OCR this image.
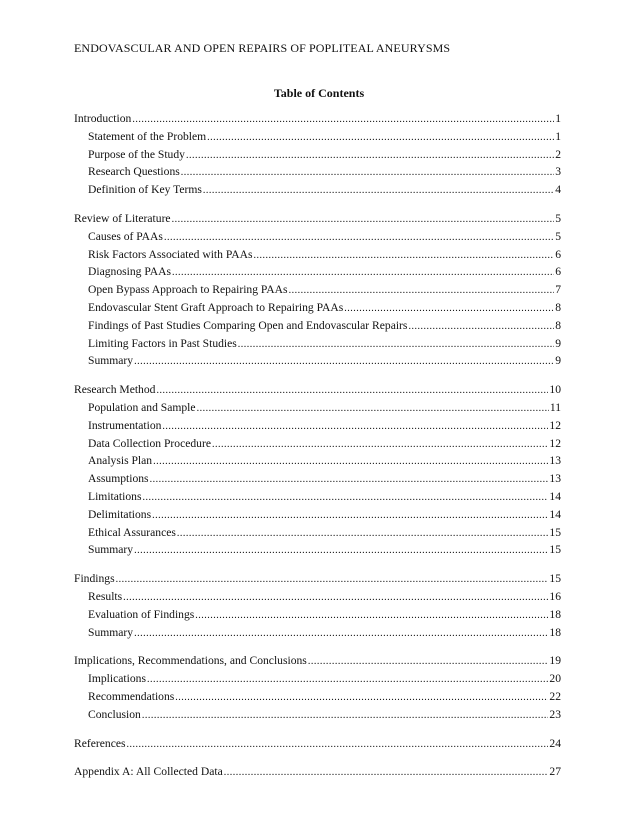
ENDOVASCULAR AND OPEN REPAIRS OF POPLITEAL ANEURYSMS
Table of Contents
Introduction .....	1
Statement of the Problem .....	1
Purpose of the Study .....	2
Research Questions .....	3
Definition of Key Terms .....	4
Review of Literature .....	5
Causes of PAAs .....	5
Risk Factors Associated with PAAs .....	6
Diagnosing PAAs .....	6
Open Bypass Approach to Repairing PAAs .....	7
Endovascular Stent Graft Approach to Repairing PAAs .....	8
Findings of Past Studies Comparing Open and Endovascular Repairs .....	8
Limiting Factors in Past Studies .....	9
Summary .....	9
Research Method .....	10
Population and Sample .....	11
Instrumentation .....	12
Data Collection Procedure .....	12
Analysis Plan .....	13
Assumptions .....	13
Limitations .....	14
Delimitations .....	14
Ethical Assurances .....	15
Summary .....	15
Findings .....	15
Results .....	16
Evaluation of Findings .....	18
Summary .....	18
Implications, Recommendations, and Conclusions .....	19
Implications .....	20
Recommendations .....	22
Conclusion .....	23
References .....	24
Appendix A: All Collected Data .....	27
